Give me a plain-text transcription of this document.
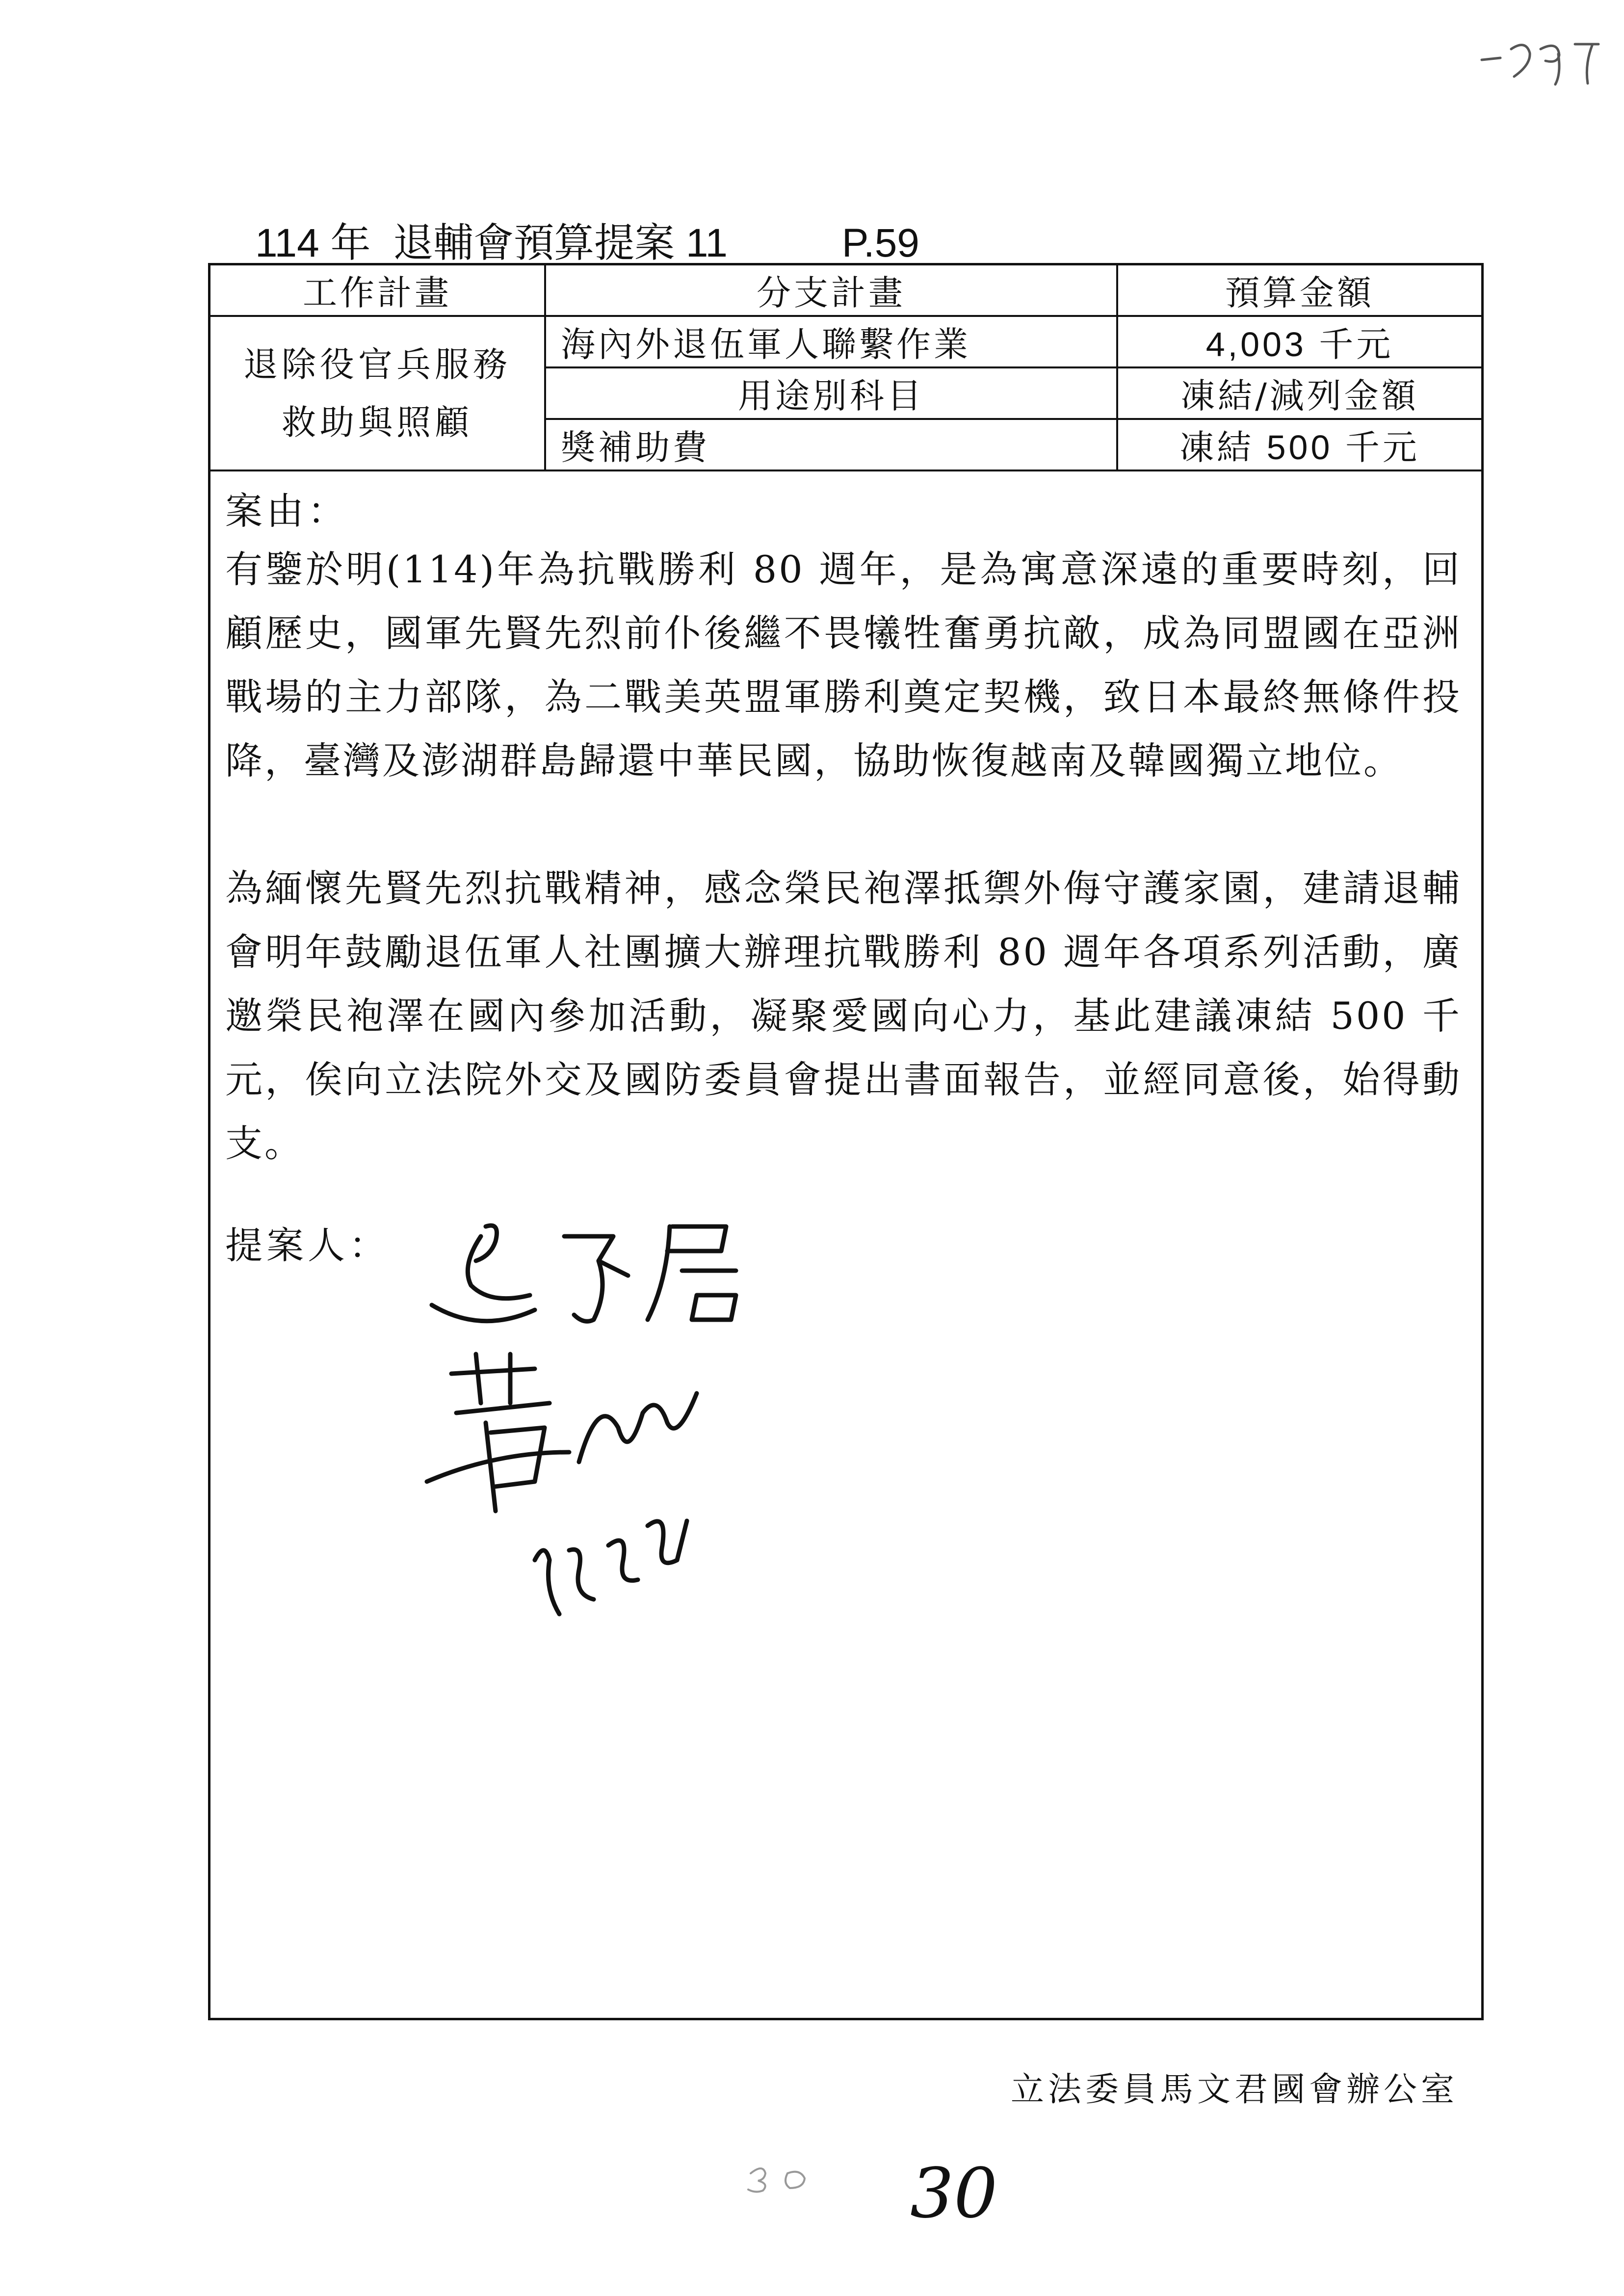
114 年 退輔會預算提案 11	P.59
工作計畫	分支計畫	預算金額
退除役官兵服務救助與照顧	海內外退伍軍人聯繫作業	4,003 千元
	用途別科目	凍結/減列金額
	獎補助費	凍結 500 千元
案由：

有鑒於明(114)年為抗戰勝利 80 週年，是為寓意深遠的重要時刻，回顧歷史，國軍先賢先烈前仆後繼不畏犧牲奮勇抗敵，成為同盟國在亞洲戰場的主力部隊，為二戰美英盟軍勝利奠定契機，致日本最終無條件投降，臺灣及澎湖群島歸還中華民國，協助恢復越南及韓國獨立地位。

為緬懷先賢先烈抗戰精神，感念榮民袍澤抵禦外侮守護家園，建請退輔會明年鼓勵退伍軍人社團擴大辦理抗戰勝利 80 週年各項系列活動，廣邀榮民袍澤在國內參加活動，凝聚愛國向心力，基此建議凍結 500 千元，俟向立法院外交及國防委員會提出書面報告，並經同意後，始得動支。

提案人：
立法委員馬文君國會辦公室
30
